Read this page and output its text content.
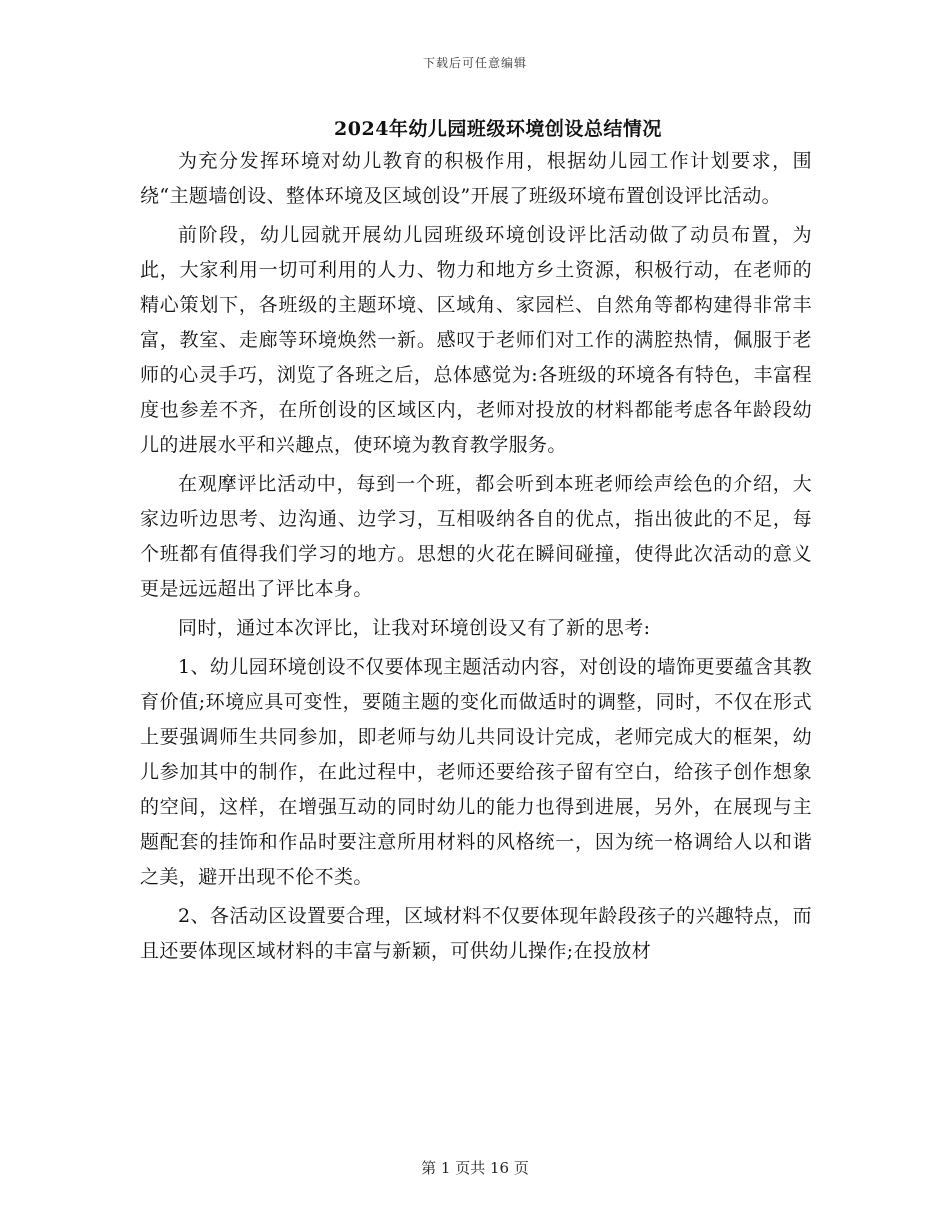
下载后可任意编辑
2024年幼儿园班级环境创设总结情况

为充分发挥环境对幼儿教育的积极作用，根据幼儿园工作计划要求，围绕“主题墙创设、整体环境及区域创设”开展了班级环境布置创设评比活动。

前阶段，幼儿园就开展幼儿园班级环境创设评比活动做了动员布置，为此，大家利用一切可利用的人力、物力和地方乡土资源，积极行动，在老师的精心策划下，各班级的主题环境、区域角、家园栏、自然角等都构建得非常丰富，教室、走廊等环境焕然一新。感叹于老师们对工作的满腔热情，佩服于老师的心灵手巧，浏览了各班之后，总体感觉为:各班级的环境各有特色，丰富程度也参差不齐，在所创设的区域区内，老师对投放的材料都能考虑各年龄段幼儿的进展水平和兴趣点，使环境为教育教学服务。

在观摩评比活动中，每到一个班，都会听到本班老师绘声绘色的介绍，大家边听边思考、边沟通、边学习，互相吸纳各自的优点，指出彼此的不足，每个班都有值得我们学习的地方。思想的火花在瞬间碰撞，使得此次活动的意义更是远远超出了评比本身。

同时，通过本次评比，让我对环境创设又有了新的思考:

1、幼儿园环境创设不仅要体现主题活动内容，对创设的墙饰更要蕴含其教育价值;环境应具可变性，要随主题的变化而做适时的调整，同时，不仅在形式上要强调师生共同参加，即老师与幼儿共同设计完成，老师完成大的框架，幼儿参加其中的制作，在此过程中，老师还要给孩子留有空白，给孩子创作想象的空间，这样，在增强互动的同时幼儿的能力也得到进展，另外，在展现与主题配套的挂饰和作品时要注意所用材料的风格统一，因为统一格调给人以和谐之美，避开出现不伦不类。

2、各活动区设置要合理，区域材料不仅要体现年龄段孩子的兴趣特点，而且还要体现区域材料的丰富与新颖，可供幼儿操作;在投放材

第 1 页共 16 页
